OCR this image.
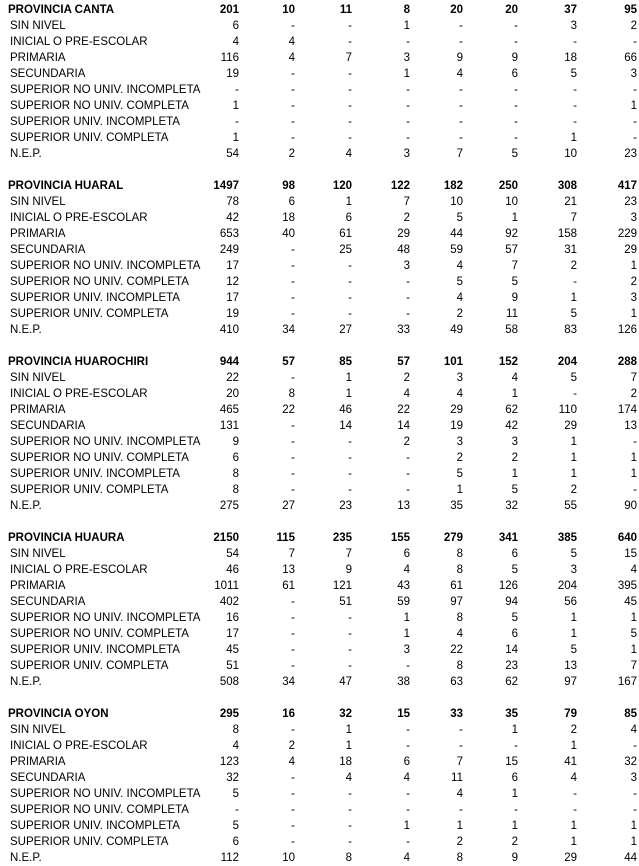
PROVINCIA CANTA	201	10	11	8	20	20	37	95
SIN NIVEL	6	-	-	1	-	-	3	2
INICIAL O PRE-ESCOLAR	4	4	-	-	-	-	-	-
PRIMARIA	116	4	7	3	9	9	18	66
SECUNDARIA	19	-	-	1	4	6	5	3
SUPERIOR NO UNIV. INCOMPLETA	-	-	-	-	-	-	-	-
SUPERIOR NO UNIV. COMPLETA	1	-	-	-	-	-	-	1
SUPERIOR UNIV. INCOMPLETA	-	-	-	-	-	-	-	-
SUPERIOR UNIV. COMPLETA	1	-	-	-	-	-	1	-
N.E.P.	54	2	4	3	7	5	10	23
PROVINCIA HUARAL	1497	98	120	122	182	250	308	417
SIN NIVEL	78	6	1	7	10	10	21	23
INICIAL O PRE-ESCOLAR	42	18	6	2	5	1	7	3
PRIMARIA	653	40	61	29	44	92	158	229
SECUNDARIA	249	-	25	48	59	57	31	29
SUPERIOR NO UNIV. INCOMPLETA	17	-	-	3	4	7	2	1
SUPERIOR NO UNIV. COMPLETA	12	-	-	-	5	5	-	2
SUPERIOR UNIV. INCOMPLETA	17	-	-	-	4	9	1	3
SUPERIOR UNIV. COMPLETA	19	-	-	-	2	11	5	1
N.E.P.	410	34	27	33	49	58	83	126
PROVINCIA HUAROCHIRI	944	57	85	57	101	152	204	288
SIN NIVEL	22	-	1	2	3	4	5	7
INICIAL O PRE-ESCOLAR	20	8	1	4	4	1	-	2
PRIMARIA	465	22	46	22	29	62	110	174
SECUNDARIA	131	-	14	14	19	42	29	13
SUPERIOR NO UNIV. INCOMPLETA	9	-	-	2	3	3	1	-
SUPERIOR NO UNIV. COMPLETA	6	-	-	-	2	2	1	1
SUPERIOR UNIV. INCOMPLETA	8	-	-	-	5	1	1	1
SUPERIOR UNIV. COMPLETA	8	-	-	-	1	5	2	-
N.E.P.	275	27	23	13	35	32	55	90
PROVINCIA HUAURA	2150	115	235	155	279	341	385	640
SIN NIVEL	54	7	7	6	8	6	5	15
INICIAL O PRE-ESCOLAR	46	13	9	4	8	5	3	4
PRIMARIA	1011	61	121	43	61	126	204	395
SECUNDARIA	402	-	51	59	97	94	56	45
SUPERIOR NO UNIV. INCOMPLETA	16	-	-	1	8	5	1	1
SUPERIOR NO UNIV. COMPLETA	17	-	-	1	4	6	1	5
SUPERIOR UNIV. INCOMPLETA	45	-	-	3	22	14	5	1
SUPERIOR UNIV. COMPLETA	51	-	-	-	8	23	13	7
N.E.P.	508	34	47	38	63	62	97	167
PROVINCIA OYON	295	16	32	15	33	35	79	85
SIN NIVEL	8	-	1	-	-	1	2	4
INICIAL O PRE-ESCOLAR	4	2	1	-	-	-	1	-
PRIMARIA	123	4	18	6	7	15	41	32
SECUNDARIA	32	-	4	4	11	6	4	3
SUPERIOR NO UNIV. INCOMPLETA	5	-	-	-	4	1	-	-
SUPERIOR NO UNIV. COMPLETA	-	-	-	-	-	-	-	-
SUPERIOR UNIV. INCOMPLETA	5	-	-	1	1	1	1	1
SUPERIOR UNIV. COMPLETA	6	-	-	-	2	2	1	1
N.E.P.	112	10	8	4	8	9	29	44
